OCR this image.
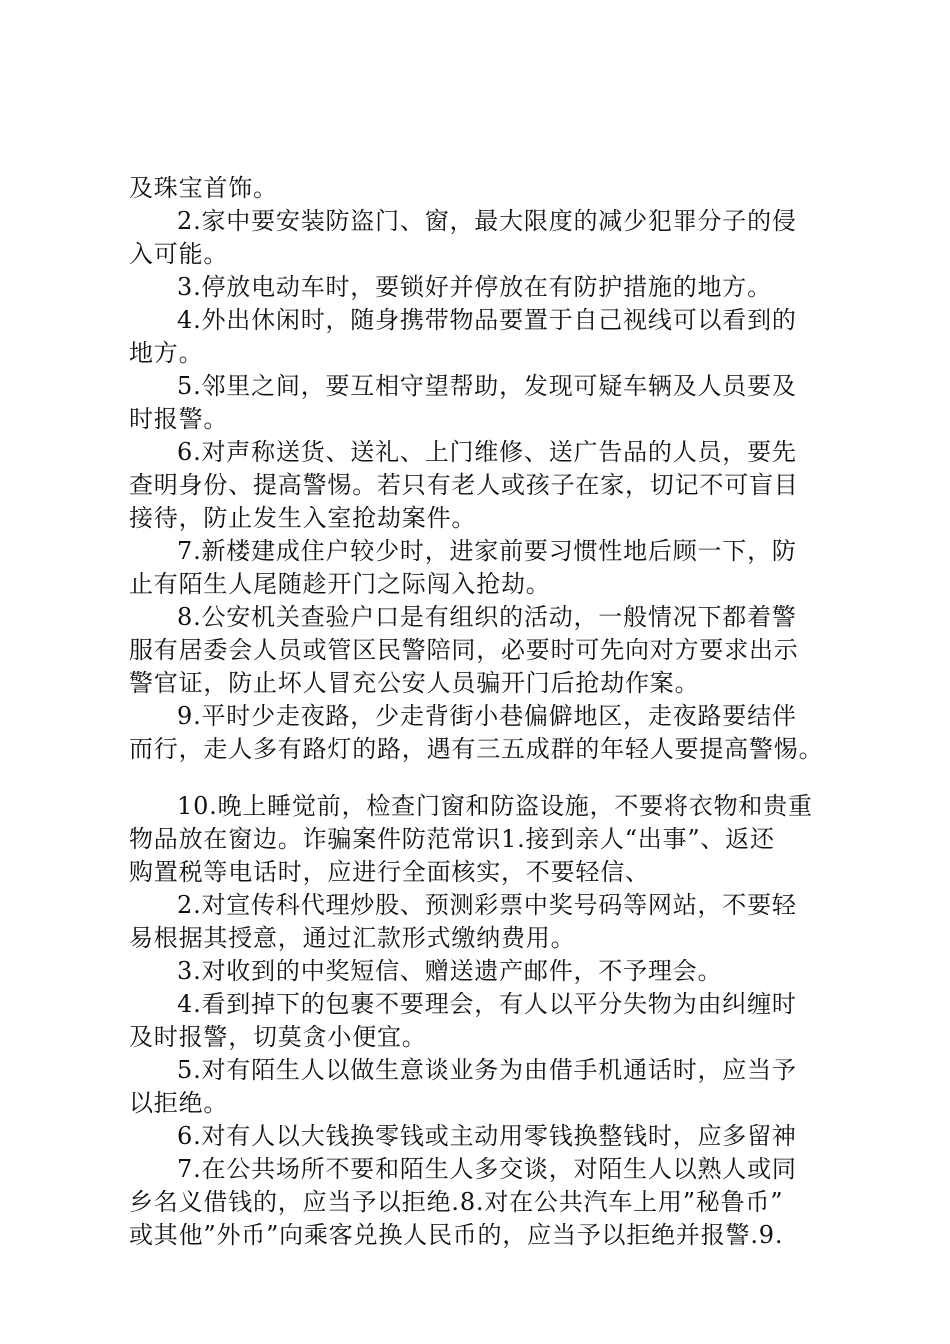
及珠宝首饰。
2.家中要安装防盗门、窗，最大限度的减少犯罪分子的侵
入可能。
3.停放电动车时，要锁好并停放在有防护措施的地方。
4.外出休闲时，随身携带物品要置于自己视线可以看到的
地方。
5.邻里之间，要互相守望帮助，发现可疑车辆及人员要及
时报警。
6.对声称送货、送礼、上门维修、送广告品的人员，要先
查明身份、提高警惕。若只有老人或孩子在家，切记不可盲目
接待，防止发生入室抢劫案件。
7.新楼建成住户较少时，进家前要习惯性地后顾一下，防
止有陌生人尾随趁开门之际闯入抢劫。
8.公安机关查验户口是有组织的活动，一般情况下都着警
服有居委会人员或管区民警陪同，必要时可先向对方要求出示
警官证，防止坏人冒充公安人员骗开门后抢劫作案。
9.平时少走夜路，少走背街小巷偏僻地区，走夜路要结伴
而行，走人多有路灯的路，遇有三五成群的年轻人要提高警惕。
10.晚上睡觉前，检查门窗和防盗设施，不要将衣物和贵重
物品放在窗边。诈骗案件防范常识1.接到亲人“出事”、返还
购置税等电话时，应进行全面核实，不要轻信、
2.对宣传科代理炒股、预测彩票中奖号码等网站，不要轻
易根据其授意，通过汇款形式缴纳费用。
3.对收到的中奖短信、赠送遗产邮件，不予理会。
4.看到掉下的包裹不要理会，有人以平分失物为由纠缠时
及时报警，切莫贪小便宜。
5.对有陌生人以做生意谈业务为由借手机通话时，应当予
以拒绝。
6.对有人以大钱换零钱或主动用零钱换整钱时，应多留神
7.在公共场所不要和陌生人多交谈，对陌生人以熟人或同
乡名义借钱的，应当予以拒绝.8.对在公共汽车上用”秘鲁币”
或其他”外币”向乘客兑换人民币的，应当予以拒绝并报警.9.
